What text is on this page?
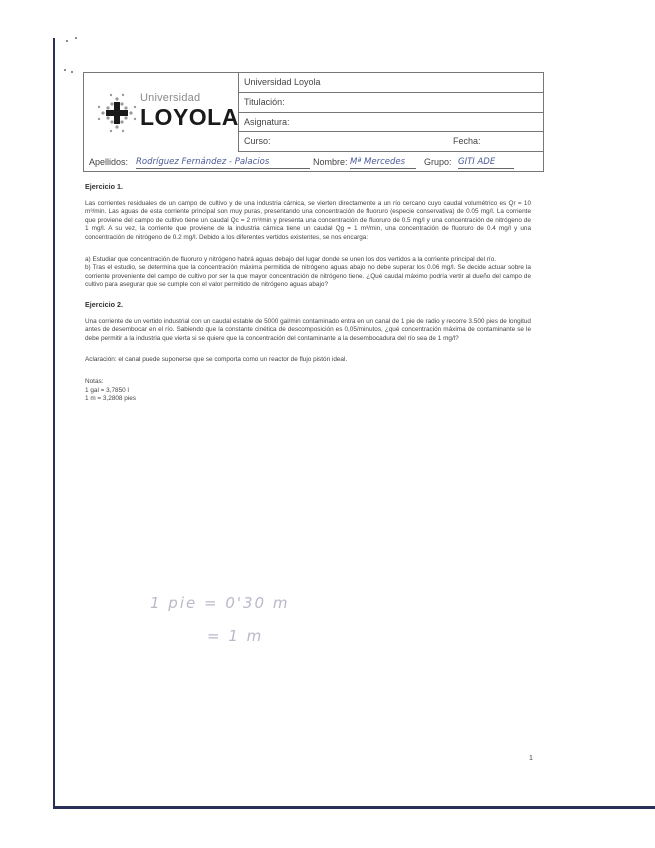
Universidad
LOYOLA
Universidad Loyola
Titulación:
Asignatura:
Curso:	Fecha:
Apellidos: Rodríguez Fernández - Palacios	Nombre: Mª Mercedes	Grupo: GITI ADE
Ejercicio 1.

Las corrientes residuales de un campo de cultivo y de una industria cárnica, se vierten directamente a un río cercano cuyo caudal volumétrico es Qr = 10 m³/min. Las aguas de esta corriente principal son muy puras, presentando una concentración de fluoruro (especie conservativa) de 0.05 mg/l. La corriente que proviene del campo de cultivo tiene un caudal Qc = 2 m³/min y presenta una concentración de fluoruro de 0.5 mg/l y una concentración de nitrógeno de 1 mg/l. A su vez, la corriente que proviene de la industria cárnica tiene un caudal Qg = 1 m³/min, una concentración de fluoruro de 0.4 mg/l y una concentración de nitrógeno de 0.2 mg/l. Debido a los diferentes vertidos existentes, se nos encarga:

a) Estudiar que concentración de fluoruro y nitrógeno habrá aguas debajo del lugar donde se unen los dos vertidos a la corriente principal del río.

b) Tras el estudio, se determina que la concentración máxima permitida de nitrógeno aguas abajo no debe superar los 0.06 mg/l. Se decide actuar sobre la corriente proveniente del campo de cultivo por ser la que mayor concentración de nitrógeno tiene. ¿Qué caudal máximo podría vertir al dueño del campo de cultivo para asegurar que se cumple con el valor permitido de nitrógeno aguas abajo?

Ejercicio 2.

Una corriente de un vertido industrial con un caudal estable de 5000 gal/min contaminado entra en un canal de 1 pie de radio y recorre 3.500 pies de longitud antes de desembocar en el río. Sabiendo que la constante cinética de descomposición es 0,05/minutos, ¿qué concentración máxima de contaminante se le debe permitir a la industria que vierta si se quiere que la concentración del contaminante a la desembocadura del río sea de 1 mg/l?

Aclaración: el canal puede suponerse que se comporta como un reactor de flujo pistón ideal.

Notas:
1 gal = 3,7850 l
1 m = 3,2808 pies
1 pie = 0'30 m
= 1 m
1
